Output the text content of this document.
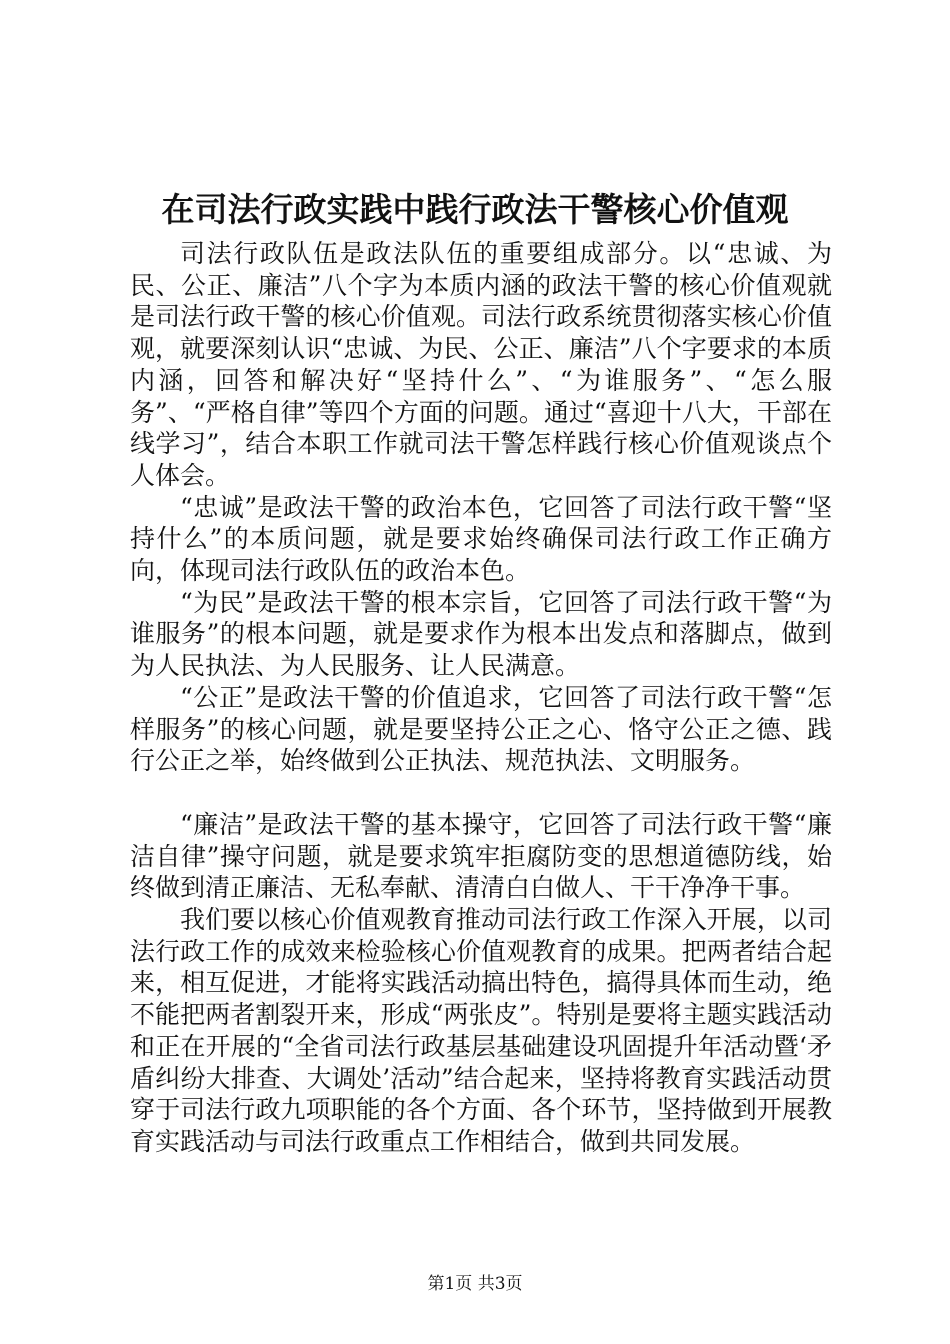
在司法行政实践中践行政法干警核心价值观

司法行政队伍是政法队伍的重要组成部分。以“忠诚、为民、公正、廉洁”八个字为本质内涵的政法干警的核心价值观就是司法行政干警的核心价值观。司法行政系统贯彻落实核心价值观，就要深刻认识“忠诚、为民、公正、廉洁”八个字要求的本质内涵，回答和解决好“坚持什么”、“为谁服务”、“怎么服务”、“严格自律”等四个方面的问题。通过“喜迎十八大，干部在线学习”，结合本职工作就司法干警怎样践行核心价值观谈点个人体会。

“忠诚”是政法干警的政治本色，它回答了司法行政干警“坚持什么”的本质问题，就是要求始终确保司法行政工作正确方向，体现司法行政队伍的政治本色。

“为民”是政法干警的根本宗旨，它回答了司法行政干警“为谁服务”的根本问题，就是要求作为根本出发点和落脚点，做到为人民执法、为人民服务、让人民满意。

“公正”是政法干警的价值追求，它回答了司法行政干警“怎样服务”的核心问题，就是要坚持公正之心、恪守公正之德、践行公正之举，始终做到公正执法、规范执法、文明服务。

“廉洁”是政法干警的基本操守，它回答了司法行政干警“廉洁自律”操守问题，就是要求筑牢拒腐防变的思想道德防线，始终做到清正廉洁、无私奉献、清清白白做人、干干净净干事。

我们要以核心价值观教育推动司法行政工作深入开展，以司法行政工作的成效来检验核心价值观教育的成果。把两者结合起来，相互促进，才能将实践活动搞出特色，搞得具体而生动，绝不能把两者割裂开来，形成“两张皮”。特别是要将主题实践活动和正在开展的“全省司法行政基层基础建设巩固提升年活动暨‘矛盾纠纷大排查、大调处’活动”结合起来，坚持将教育实践活动贯穿于司法行政九项职能的各个方面、各个环节，坚持做到开展教育实践活动与司法行政重点工作相结合，做到共同发展。

第1页 共3页
